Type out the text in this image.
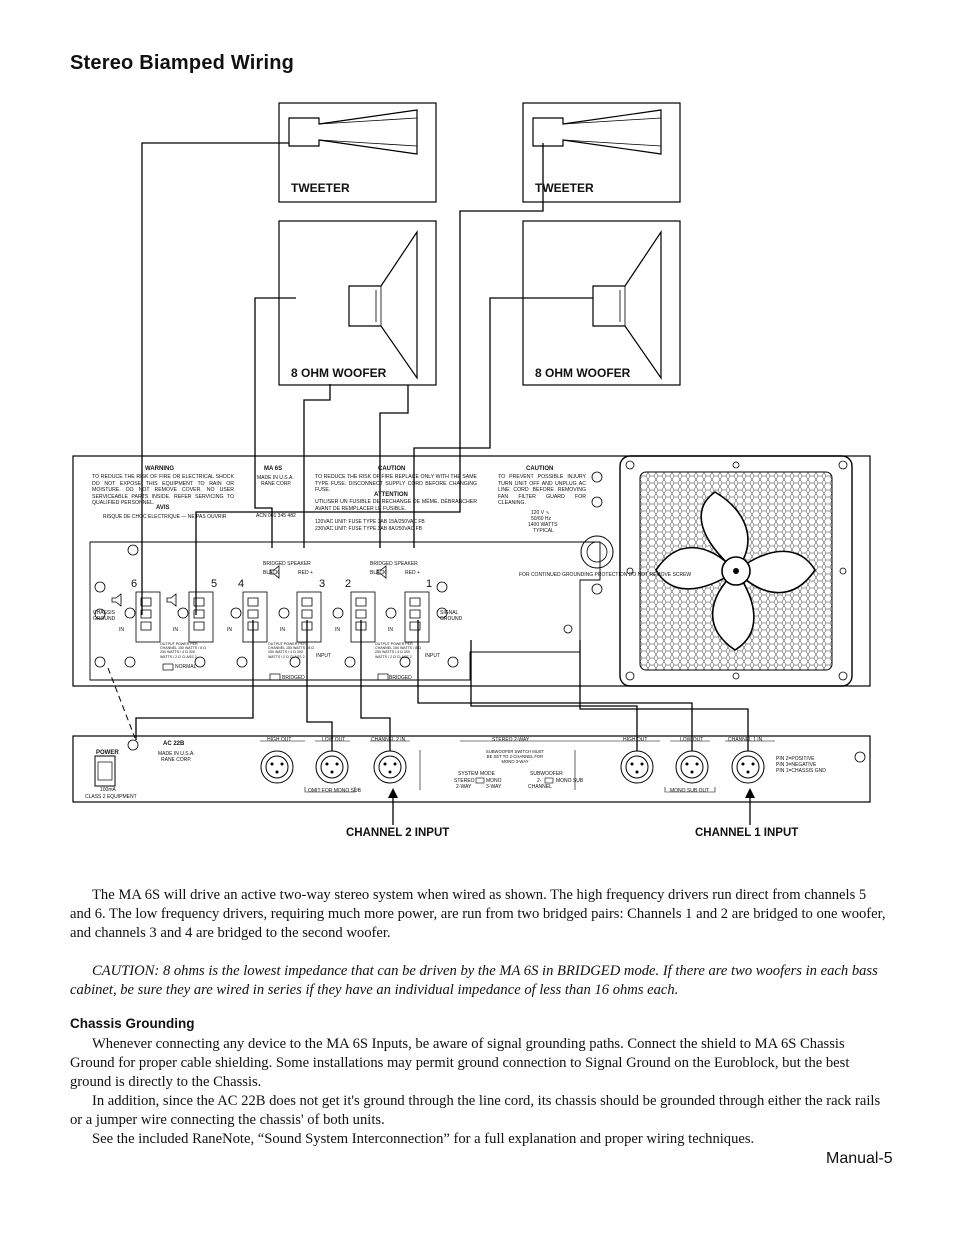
Stereo Biamped Wiring
TWEETER	TWEETER
8 OHM WOOFER	8 OHM WOOFER
WARNING
TO REDUCE THE RISK OF FIRE OR ELECTRICAL SHOCK DO NOT EXPOSE THIS EQUIPMENT TO RAIN OR MOISTURE. DO NOT REMOVE COVER. NO USER SERVICEABLE PARTS INSIDE. REFER SERVICING TO QUALIFIED PERSONNEL.
AVIS
RISQUE DE CHOC ELECTRIQUE — NE PAS OUVRIR
MA 6S
MADE IN U.S.A.
RANE CORP.
ACN 001 345 482
CAUTION
TO REDUCE THE RISK OF FIRE REPLACE ONLY WITH THE SAME TYPE FUSE. DISCONNECT SUPPLY CORD BEFORE CHANGING FUSE.
ATTENTION
UTILISER UN FUSIBLE DE RECHANGE DE MÊME. DÉBRANCHER AVANT DE REMPLACER LE FUSIBLE.
120VAC UNIT: FUSE TYPE 3AB 15A/250VAC FB
230VAC UNIT: FUSE TYPE 3AB 8A/250VAC FB
CAUTION
TO PREVENT POSSIBLE INJURY TURN UNIT OFF AND UNPLUG AC LINE CORD BEFORE REMOVING FAN FILTER GUARD FOR CLEANING.
120 V ∿
50/60 Hz
1400 WATTS
TYPICAL
FOR CONTINUED GROUNDING PROTECTION DO NOT REMOVE SCREW
BRIDGED SPEAKER
BLACK	RED +
BRIDGED SPEAKER
BLACK	RED +
6	5 4	3 2	1
CHASSIS GROUND
SIGNAL GROUND
IN	IN	IN	IN	IN	IN
INPUT	INPUT
BRIDGED	BRIDGED
NORMAL
OUTPUT POWER PER CHANNEL 150 WATTS / 8 Ω 250 WATTS / 4 Ω 300 WATTS / 2 Ω CLASS 2
OUTPUT POWER PER CHANNEL 150 WATTS / 8 Ω 250 WATTS / 4 Ω 300 WATTS / 2 Ω CLASS 2
OUTPUT POWER PER CHANNEL 150 WATTS / 8 Ω 250 WATTS / 4 Ω 300 WATTS / 2 Ω CLASS 2
POWER
100mA
AC 22B
MADE IN U.S.A.
RANE CORP.
CLASS 2 EQUIPMENT
HIGH OUT	LOW OUT	CHANNEL 2 IN	HIGH OUT	LOW OUT	CHANNEL 1 IN
STEREO 2-WAY
SUBWOOFER SWITCH MUST BE SET TO 2-CHANNEL FOR MONO 3-WAY
SYSTEM MODE
STEREO MONO
2-WAY	3-WAY
SUBWOOFER
2-	MONO SUB
CHANNEL
OMIT FOR MONO SUB	MONO SUB OUT
PIN 2=POSITIVE
PIN 3=NEGATIVE
PIN 1=CHASSIS GND
CHANNEL 2 INPUT	CHANNEL 1 INPUT

The MA 6S will drive an active two-way stereo system when wired as shown. The high frequency drivers run direct from channels 5 and 6. The low frequency drivers, requiring much more power, are run from two bridged pairs: Channels 1 and 2 are bridged to one woofer, and channels 3 and 4 are bridged to the second woofer.

CAUTION: 8 ohms is the lowest impedance that can be driven by the MA 6S in BRIDGED mode. If there are two woofers in each bass cabinet, be sure they are wired in series if they have an individual impedance of less than 16 ohms each.

Chassis Grounding

Whenever connecting any device to the MA 6S Inputs, be aware of signal grounding paths. Connect the shield to MA 6S Chassis Ground for proper cable shielding. Some installations may permit ground connection to Signal Ground on the Euroblock, but the best ground is directly to the Chassis.

In addition, since the AC 22B does not get it's ground through the line cord, its chassis should be grounded through either the rack rails or a jumper wire connecting the chassis' of both units.

See the included RaneNote, “Sound System Interconnection” for a full explanation and proper wiring techniques.

Manual-5
